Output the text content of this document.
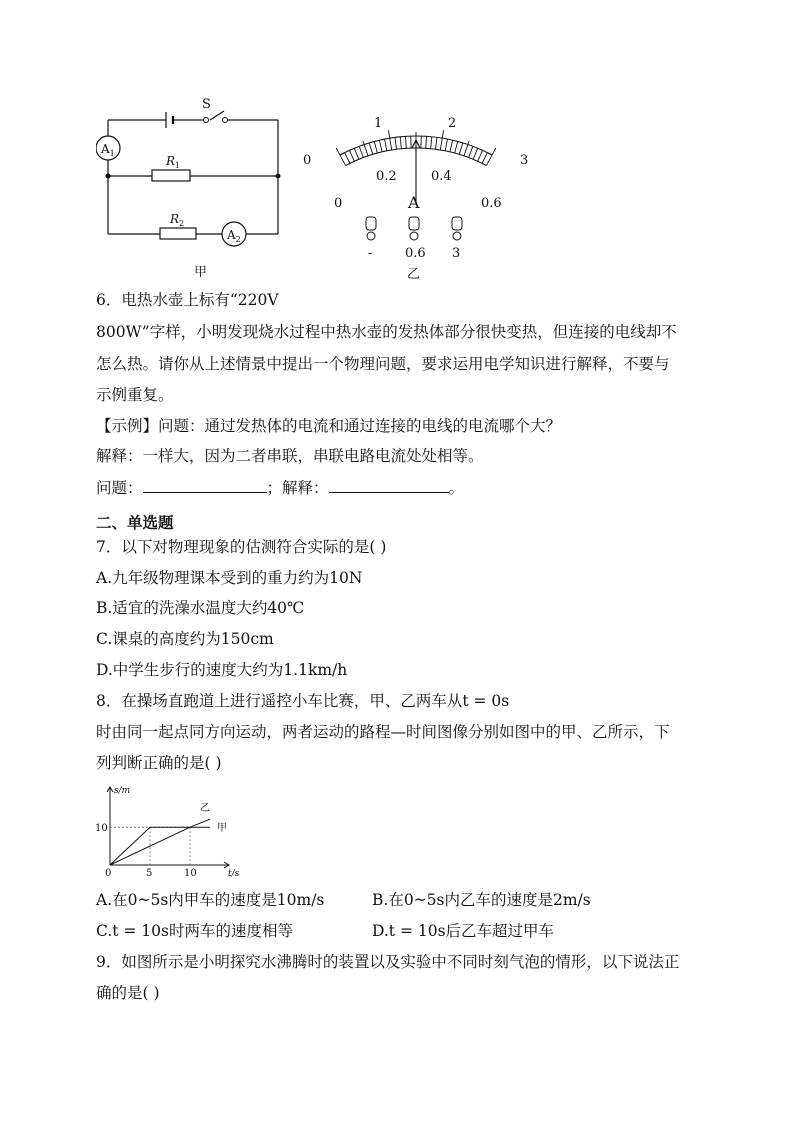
S
$A_1$
$A_2$
$R_1$
$R_2$
甲
0
1	2
3
0
0.2	0.4
0.6
A
-	0.6 3
乙
6．电热水壶上标有“220V
800W”字样，小明发现烧水过程中热水壶的发热体部分很快变热，但连接的电线却不
怎么热。请你从上述情景中提出一个物理问题，要求运用电学知识进行解释，不要与
示例重复。
【示例】问题：通过发热体的电流和通过连接的电线的电流哪个大？
解释：一样大，因为二者串联，串联电路电流处处相等。
问题：	；解释：	。
二、单选题
7．以下对物理现象的估测符合实际的是( )
A.九年级物理课本受到的重力约为10N
B.适宜的洗澡水温度大约40℃
C.课桌的高度约为150cm
D.中学生步行的速度大约为1.1km/h
8．在操场直跑道上进行遥控小车比赛，甲、乙两车从t = 0s
时由同一起点同方向运动，两者运动的路程—时间图像分别如图中的甲、乙所示，下
列判断正确的是( )
s/m
t/s
0	5	10
10
乙
甲
A.在0~5s内甲车的速度是10m/s	B.在0~5s内乙车的速度是2m/s
C.t = 10s时两车的速度相等	D.t = 10s后乙车超过甲车
9．如图所示是小明探究水沸腾时的装置以及实验中不同时刻气泡的情形，以下说法正
确的是( )
